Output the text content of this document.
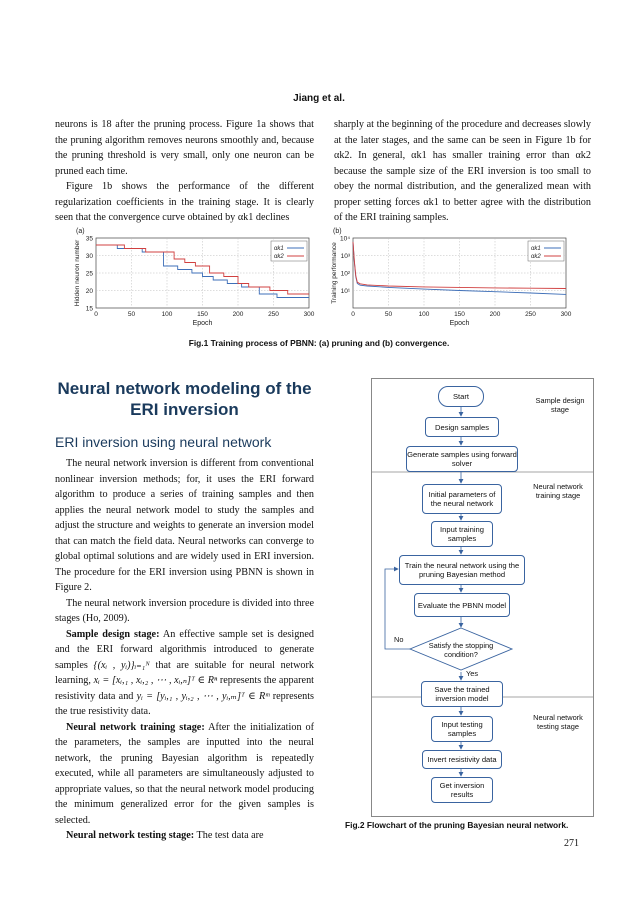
Jiang et al.

neurons is 18 after the pruning process. Figure 1a shows that the pruning algorithm removes neurons smoothly and, because the pruning threshold is very small, only one neuron can be pruned each time.

Figure 1b shows the performance of the different regularization coefficients in the training stage. It is clearly seen that the convergence curve obtained by αk1 declines

sharply at the beginning of the procedure and decreases slowly at the later stages, and the same can be seen in Figure 1b for αk2. In general, αk1 has smaller training error than αk2 because the sample size of the ERI inversion is too small to obey the normal distribution, and the generalized mean with proper setting forces αk1 to better agree with the distribution of the ERI training samples.

0	50	100	150	200	250	300
15
20
25
30
35
αk1
αk2
(a)
Epoch
Hidden neuron number
0	50	100	150	200	250	300
10¹
10²
10³
10⁴
αk1
αk2
(b)
Epoch
Training performance
Fig.1 Training process of PBNN: (a) pruning and (b) convergence.
Neural network modeling of the ERI inversion
ERI inversion using neural network

The neural network inversion is different from conventional nonlinear inversion methods; for, it uses the ERI forward algorithm to produce a series of training samples and then applies the neural network model to study the samples and adjust the structure and weights to generate an inversion model that can match the field data. Neural networks can converge to global optimal solutions and are widely used in ERI inversion. The procedure for the ERI inversion using PBNN is shown in Figure 2.

The neural network inversion procedure is divided into three stages (Ho, 2009).

Sample design stage: An effective sample set is designed and the ERI forward algorithmis introduced to generate samples {(xᵢ , yᵢ)}ᵢ₌₁ᴺ that are suitable for neural network learning, xᵢ = [xᵢ,₁ , xᵢ,₂ , ⋯ , xᵢ,ₙ]ᵀ ∈ Rⁿ represents the apparent resistivity data and yᵢ = [yᵢ,₁ , yᵢ,₂ , ⋯ , yᵢ,ₘ]ᵀ ∈ Rᵐ represents the true resistivity data.

Neural network training stage: After the initialization of the parameters, the samples are inputted into the neural network, the pruning Bayesian algorithm is repeatedly executed, while all parameters are simultaneously adjusted to appropriate values, so that the neural network model producing the minimum generalized error for the given samples is selected.

Neural network testing stage: The test data are

Start
Design samples
Generate samples using forward solver
Initial parameters of the neural network
Input training samples
Train the neural network using the pruning Bayesian method
Evaluate the PBNN model
Satisfy the stopping condition?
No
Yes
Save the trained inversion model
Input testing samples
Invert resistivity data
Get inversion results
Sample design stage
Neural network training stage
Neural network testing stage
Fig.2 Flowchart of the pruning Bayesian neural network.
271
